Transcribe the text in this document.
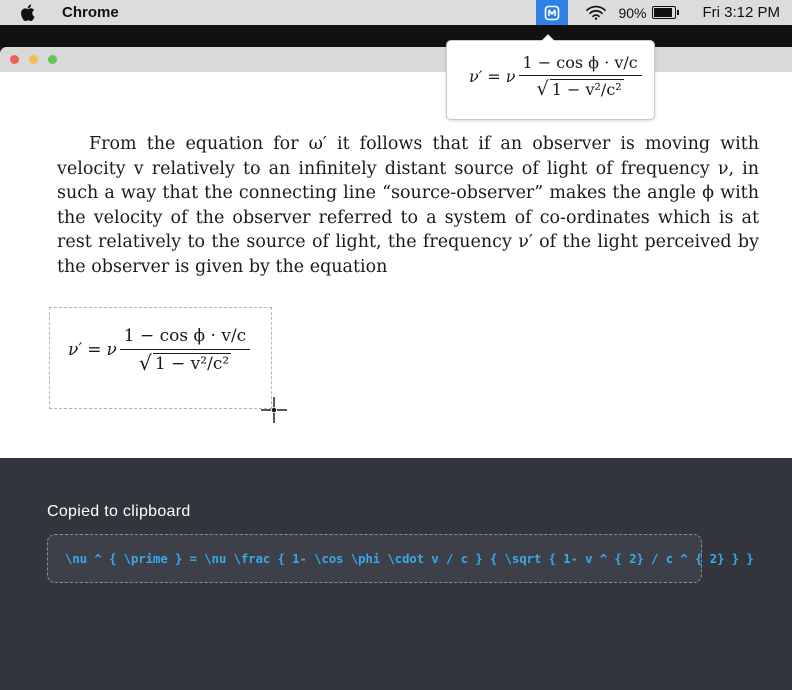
Chrome	90%	Fri 3:12 PM

From the equation for ω′ it follows that if an observer is moving with velocity v relatively to an infinitely distant source of light of frequency ν, in such a way that the connecting line “source-observer” makes the angle ϕ with the velocity of the observer referred to a system of co-ordinates which is at rest relatively to the source of light, the frequency ν′ of the light perceived by the observer is given by the equation

ν′ = ν $\frac{\text{1 − cos ϕ · v/c}}{\text{√ 1 − v²/c²}}$
ν′ = ν $\frac{\text{1 − cos ϕ · v/c}}{\text{√ 1 − v²/c²}}$
Copied to clipboard
\nu ^ { \prime } = \nu \frac { 1- \cos \phi \cdot v / c } { \sqrt { 1- v ^ { 2} / c ^ { 2} } }
